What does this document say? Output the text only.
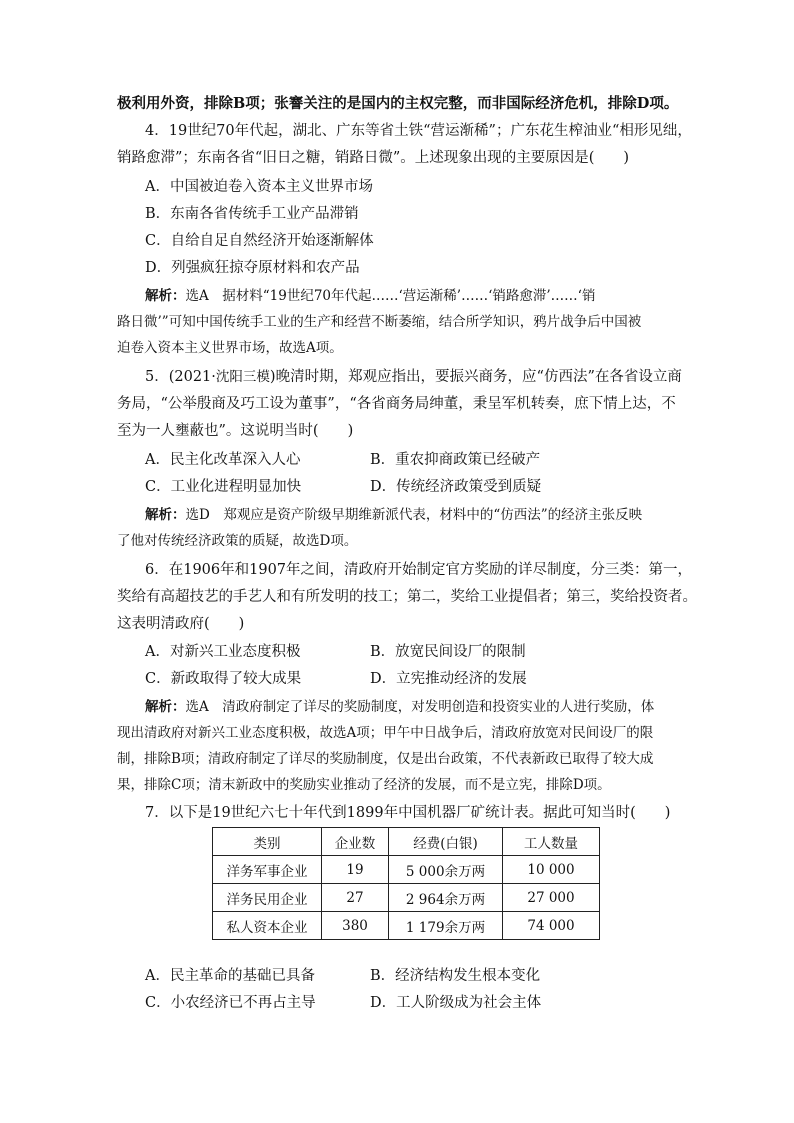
极利用外资，排除B项；张謇关注的是国内的主权完整，而非国际经济危机，排除D项。
4．19世纪70年代起，湖北、广东等省土铁“营运渐稀”；广东花生榨油业“相形见绌，
销路愈滞”；东南各省“旧日之糖，销路日微”。上述现象出现的主要原因是(　　)
A．中国被迫卷入资本主义世界市场
B．东南各省传统手工业产品滞销
C．自给自足自然经济开始逐渐解体
D．列强疯狂掠夺原材料和农产品
解析：选A　据材料“19世纪70年代起……‘营运渐稀’……‘销路愈滞’……‘销
路日微’”可知中国传统手工业的生产和经营不断萎缩，结合所学知识，鸦片战争后中国被
迫卷入资本主义世界市场，故选A项。
5．(2021·沈阳三模)晚清时期，郑观应指出，要振兴商务，应“仿西法”在各省设立商
务局，“公举殷商及巧工设为董事”，“各省商务局绅董，秉呈军机转奏，庶下情上达，不
至为一人壅蔽也”。这说明当时(　　)
A．民主化改革深入人心	B．重农抑商政策已经破产
C．工业化进程明显加快	D．传统经济政策受到质疑
解析：选D　郑观应是资产阶级早期维新派代表，材料中的“仿西法”的经济主张反映
了他对传统经济政策的质疑，故选D项。
6．在1906年和1907年之间，清政府开始制定官方奖励的详尽制度，分三类：第一，
奖给有高超技艺的手艺人和有所发明的技工；第二，奖给工业提倡者；第三，奖给投资者。
这表明清政府(　　)
A．对新兴工业态度积极	B．放宽民间设厂的限制
C．新政取得了较大成果	D．立宪推动经济的发展
解析：选A　清政府制定了详尽的奖励制度，对发明创造和投资实业的人进行奖励，体
现出清政府对新兴工业态度积极，故选A项；甲午中日战争后，清政府放宽对民间设厂的限
制，排除B项；清政府制定了详尽的奖励制度，仅是出台政策，不代表新政已取得了较大成
果，排除C项；清末新政中的奖励实业推动了经济的发展，而不是立宪，排除D项。
7．以下是19世纪六七十年代到1899年中国机器厂矿统计表。据此可知当时(　　)
类别	企业数	经费(白银)	工人数量
洋务军事企业	19	5 000余万两	10 000
洋务民用企业	27	2 964余万两	27 000
私人资本企业	380	1 179余万两	74 000
A．民主革命的基础已具备	B．经济结构发生根本变化
C．小农经济已不再占主导	D．工人阶级成为社会主体
